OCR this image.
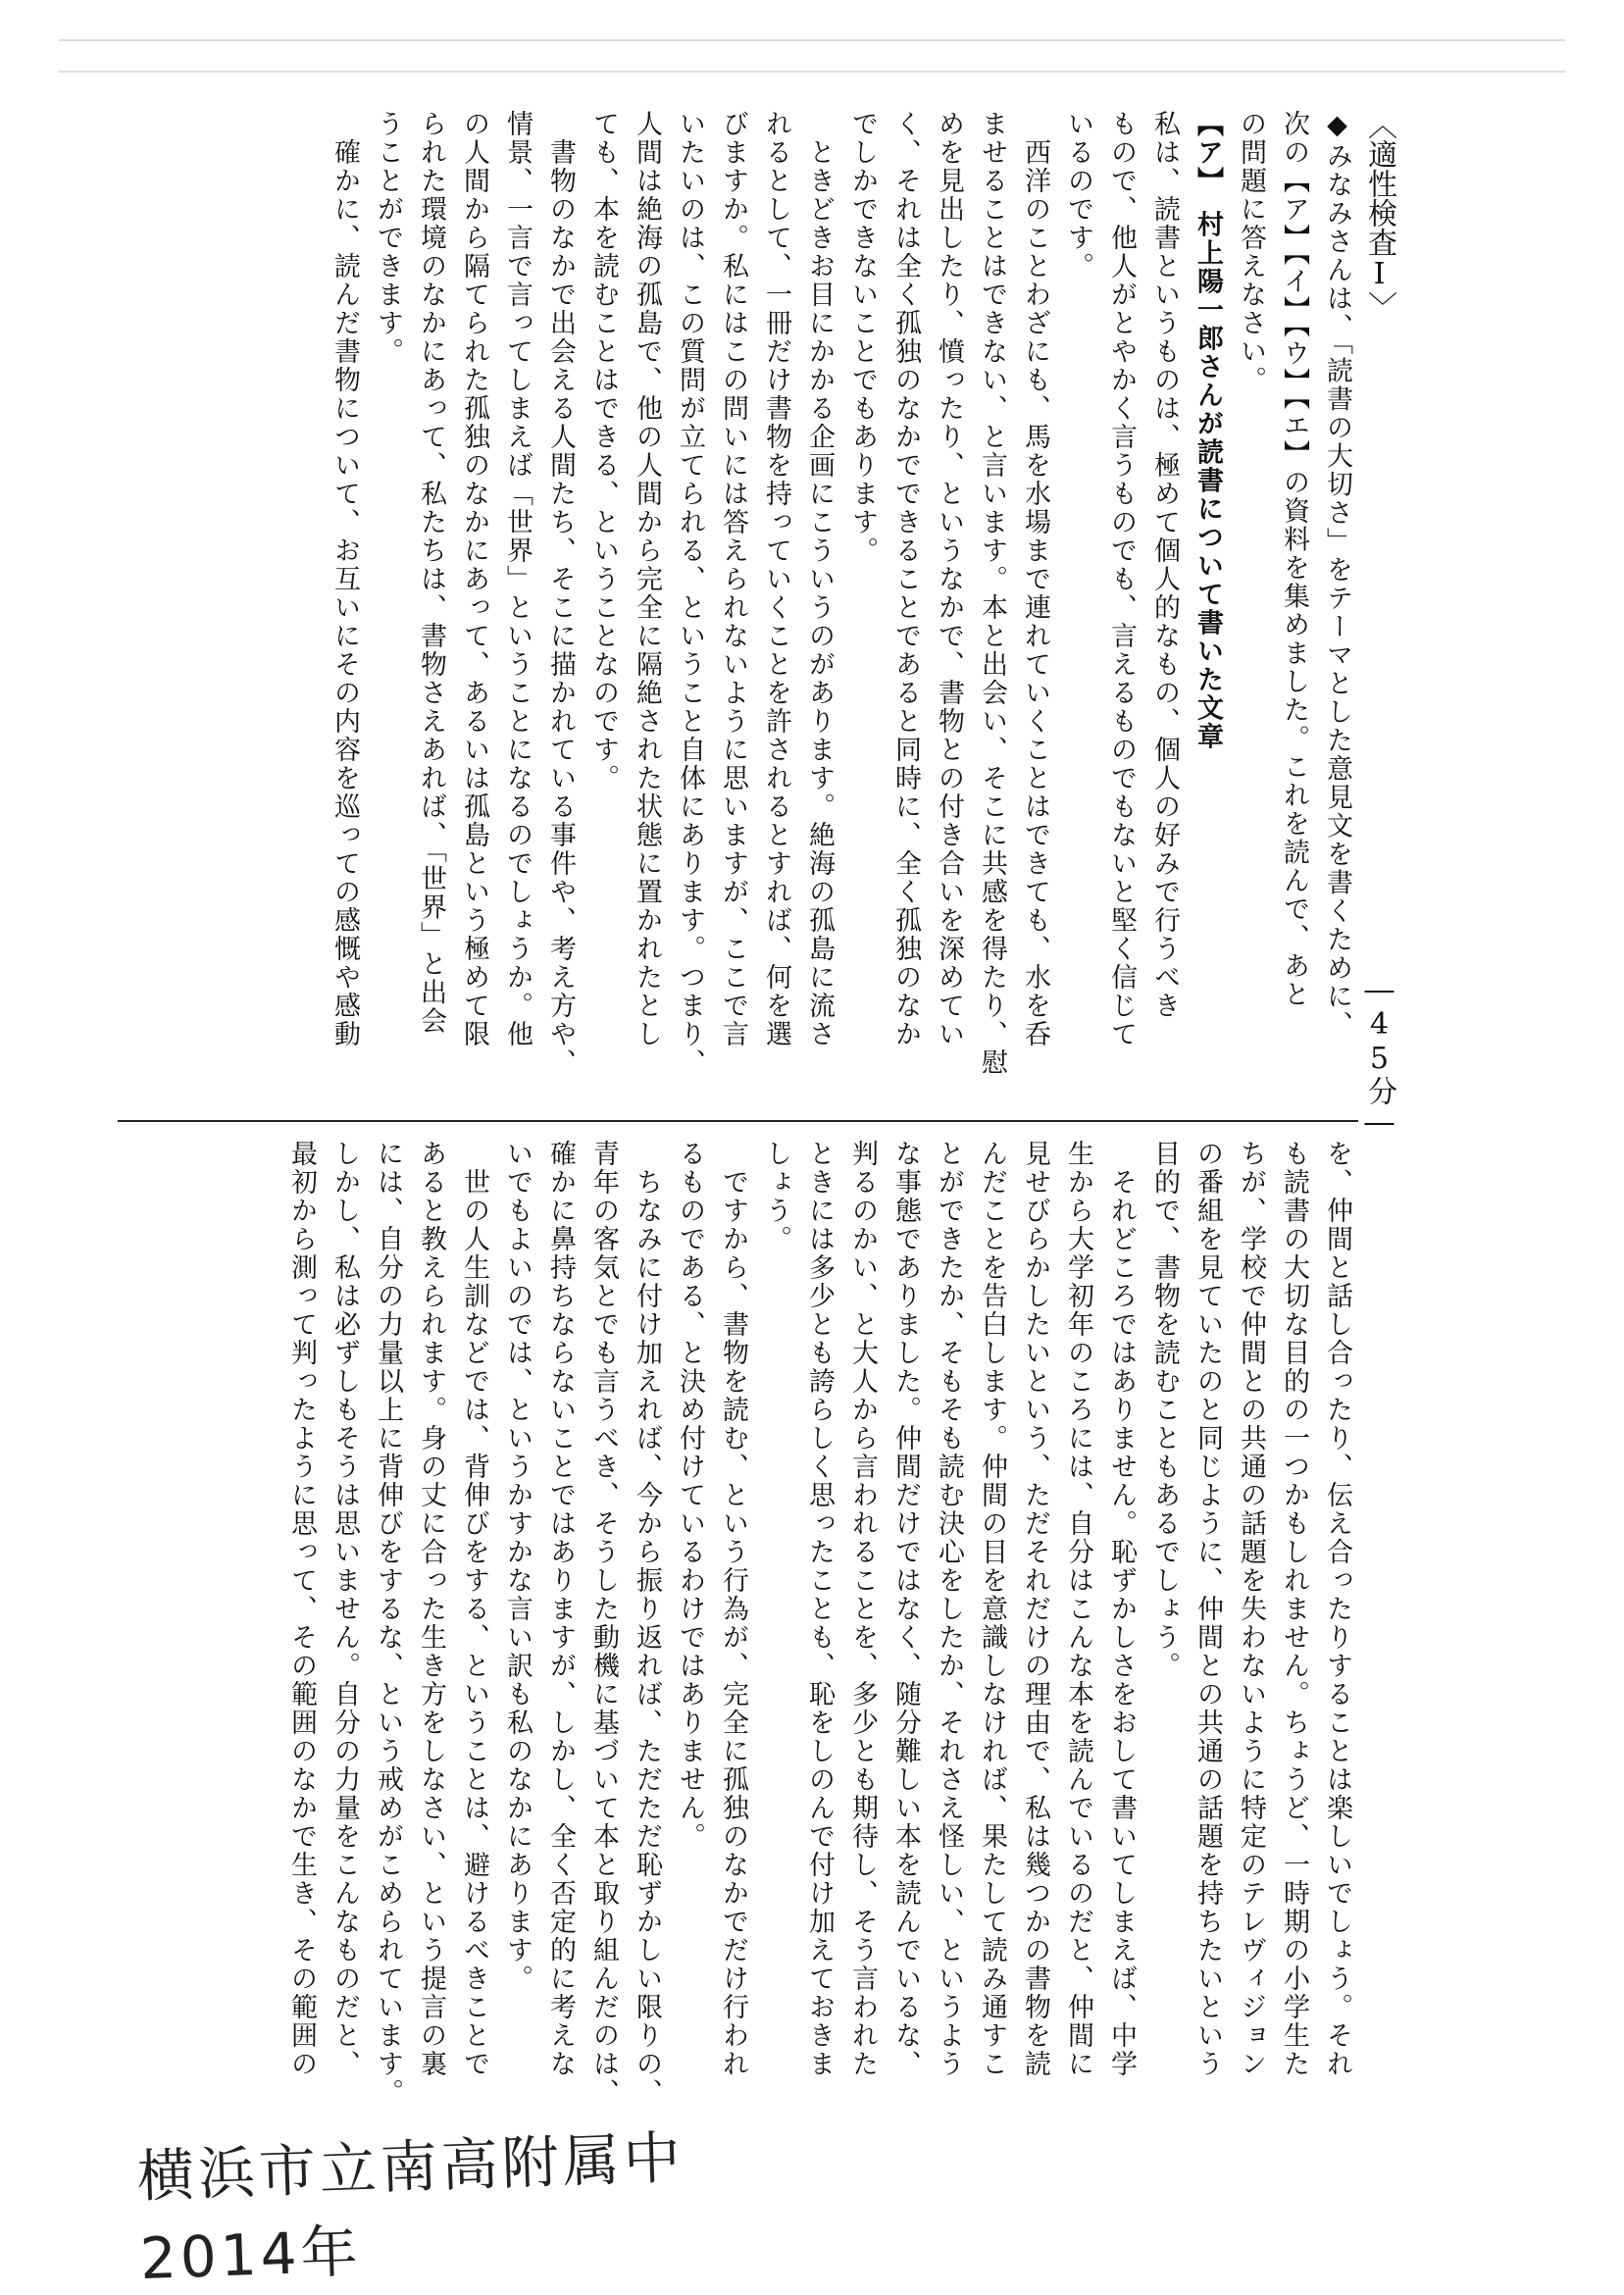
〈適性検査Ⅰ〉
―45分―
◆みなみさんは、「読書の大切さ」をテーマとした意見文を書くために、
次の【ア】【イ】【ウ】【エ】の資料を集めました。これを読んで、あと
の問題に答えなさい。
【ア】　村上陽一郎さんが読書について書いた文章
私は、読書というものは、極めて個人的なもの、個人の好みで行うべき
もので、他人がとやかく言うものでも、言えるものでもないと堅く信じて
いるのです。
　西洋のことわざにも、馬を水場まで連れていくことはできても、水を呑
ませることはできない、と言います。本と出会い、そこに共感を得たり、慰
めを見出したり、憤ったり、というなかで、書物との付き合いを深めてい
く、それは全く孤独のなかでできることであると同時に、全く孤独のなか
でしかできないことでもあります。
　ときどきお目にかかる企画にこういうのがあります。絶海の孤島に流さ
れるとして、一冊だけ書物を持っていくことを許されるとすれば、何を選
びますか。私にはこの問いには答えられないように思いますが、ここで言
いたいのは、この質問が立てられる、ということ自体にあります。つまり、
人間は絶海の孤島で、他の人間から完全に隔絶された状態に置かれたとし
ても、本を読むことはできる、ということなのです。
　書物のなかで出会える人間たち、そこに描かれている事件や、考え方や、
情景、一言で言ってしまえば「世界」ということになるのでしょうか。他
の人間から隔てられた孤独のなかにあって、あるいは孤島という極めて限
られた環境のなかにあって、私たちは、書物さえあれば、「世界」と出会
うことができます。
　確かに、読んだ書物について、お互いにその内容を巡っての感慨や感動
を、仲間と話し合ったり、伝え合ったりすることは楽しいでしょう。それ
も読書の大切な目的の一つかもしれません。ちょうど、一時期の小学生た
ちが、学校で仲間との共通の話題を失わないように特定のテレヴィジョン
の番組を見ていたのと同じように、仲間との共通の話題を持ちたいという
目的で、書物を読むこともあるでしょう。
　それどころではありません。恥ずかしさをおして書いてしまえば、中学
生から大学初年のころには、自分はこんな本を読んでいるのだと、仲間に
見せびらかしたいという、ただそれだけの理由で、私は幾つかの書物を読
んだことを告白します。仲間の目を意識しなければ、果たして読み通すこ
とができたか、そもそも読む決心をしたか、それさえ怪しい、というよう
な事態でありました。仲間だけではなく、随分難しい本を読んでいるな、
判るのかい、と大人から言われることを、多少とも期待し、そう言われた
ときには多少とも誇らしく思ったことも、恥をしのんで付け加えておきま
しょう。
　ですから、書物を読む、という行為が、完全に孤独のなかでだけ行われ
るものである、と決め付けているわけではありません。
　ちなみに付け加えれば、今から振り返れば、ただただ恥ずかしい限りの、
青年の客気とでも言うべき、そうした動機に基づいて本と取り組んだのは、
確かに鼻持ちならないことではありますが、しかし、全く否定的に考えな
いでもよいのでは、というかすかな言い訳も私のなかにあります。
　世の人生訓などでは、背伸びをする、ということは、避けるべきことで
あると教えられます。身の丈に合った生き方をしなさい、という提言の裏
には、自分の力量以上に背伸びをするな、という戒めがこめられています。
しかし、私は必ずしもそうは思いません。自分の力量をこんなものだと、
最初から測って判ったように思って、その範囲のなかで生き、その範囲の
横浜市立南高附属中 2014年
